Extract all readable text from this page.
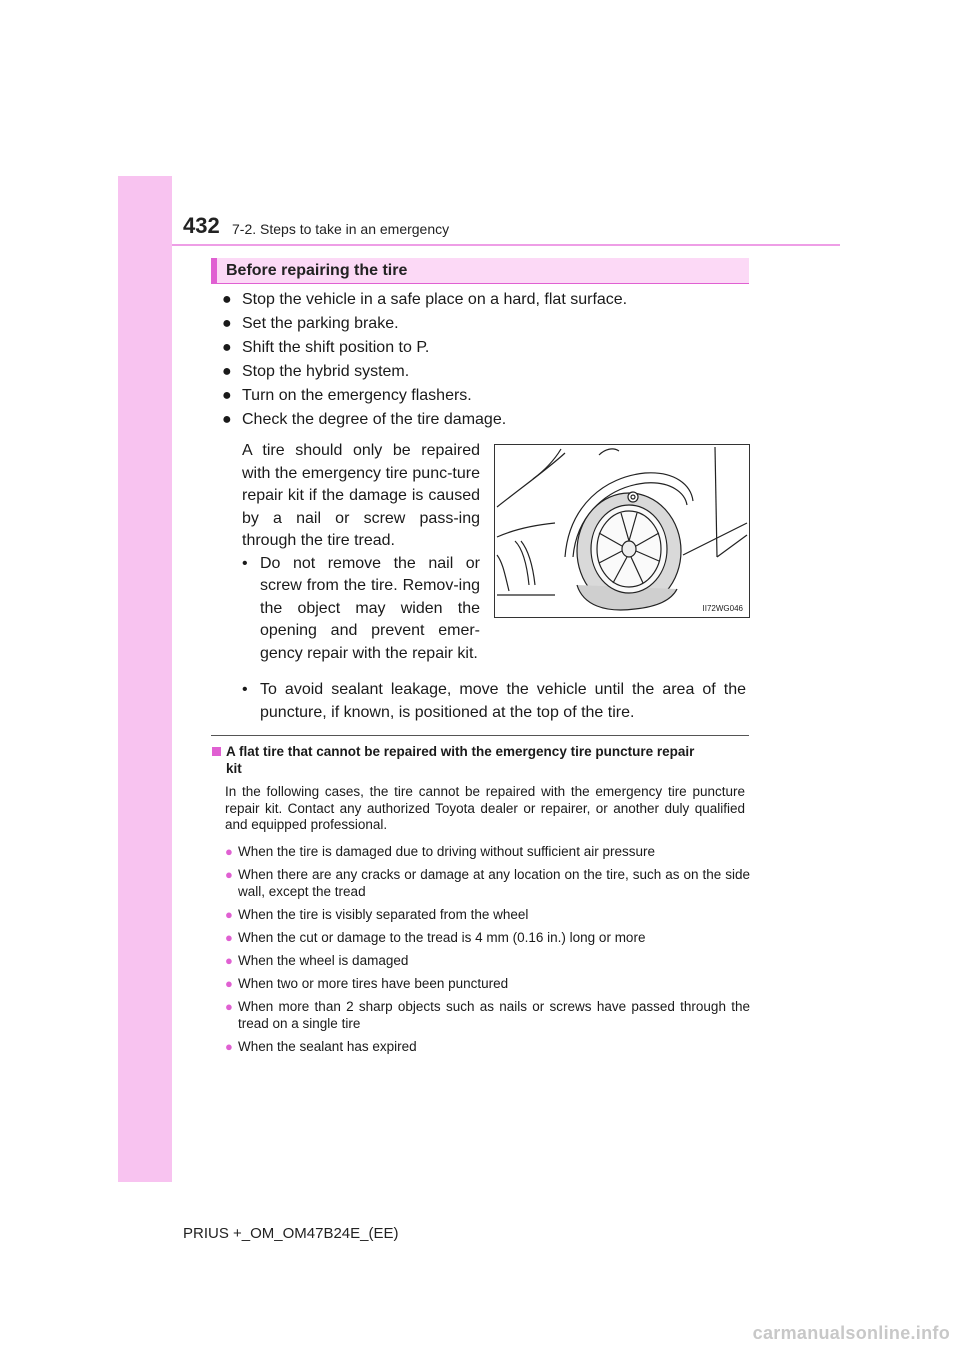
432 7-2. Steps to take in an emergency
Before repairing the tire
● Stop the vehicle in a safe place on a hard, flat surface.
● Set the parking brake.
● Shift the shift position to P.
● Stop the hybrid system.
● Turn on the emergency flashers.
● Check the degree of the tire damage.
A tire should only be repaired with the emergency tire punc-ture repair kit if the damage is caused by a nail or screw pass-ing through the tire tread.
• Do not remove the nail or screw from the tire. Remov-ing the object may widen the opening and prevent emer-gency repair with the repair kit.
• To avoid sealant leakage, move the vehicle until the area of the puncture, if known, is positioned at the top of the tire.
II72WG046
A flat tire that cannot be repaired with the emergency tire puncture repair
kit
In the following cases, the tire cannot be repaired with the emergency tire puncture repair kit. Contact any authorized Toyota dealer or repairer, or another duly qualified and equipped professional.
● When the tire is damaged due to driving without sufficient air pressure
● When there are any cracks or damage at any location on the tire, such as on the side wall, except the tread
● When the tire is visibly separated from the wheel
● When the cut or damage to the tread is 4 mm (0.16 in.) long or more
● When the wheel is damaged
● When two or more tires have been punctured
● When more than 2 sharp objects such as nails or screws have passed through the tread on a single tire
● When the sealant has expired
PRIUS +_OM_OM47B24E_(EE)
carmanualsonline.info
